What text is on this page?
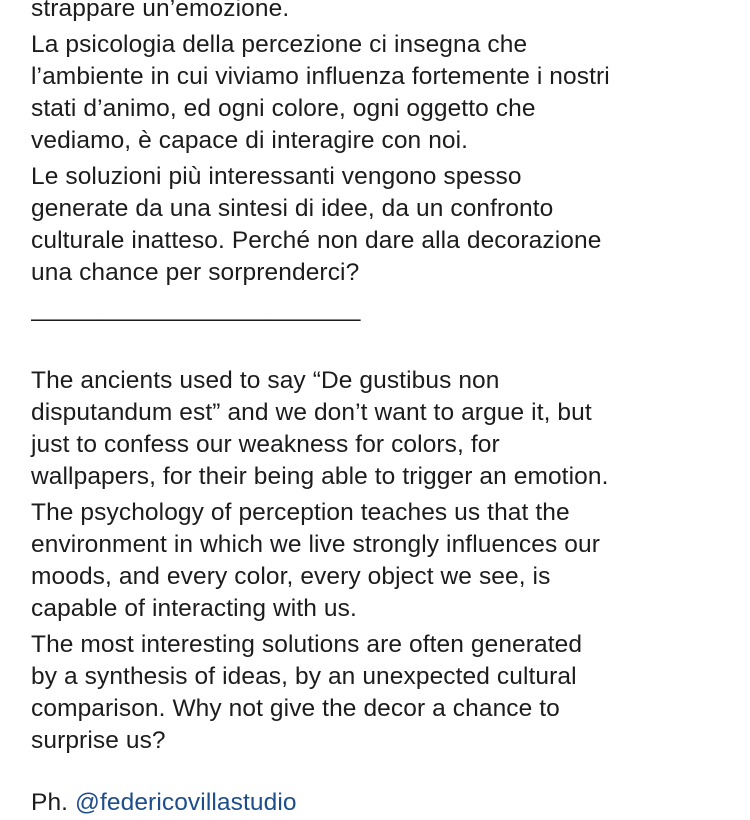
strappare un’emozione.

La psicologia della percezione ci insegna che
l’ambiente in cui viviamo influenza fortemente i nostri
stati d’animo, ed ogni colore, ogni oggetto che
vediamo, è capace di interagire con noi.

Le soluzioni più interessanti vengono spesso
generate da una sintesi di idee, da un confronto
culturale inatteso. Perché non dare alla decorazione
una chance per sorprenderci?

________________________

The ancients used to say “De gustibus non
disputandum est” and we don’t want to argue it, but
just to confess our weakness for colors, for
wallpapers, for their being able to trigger an emotion.

The psychology of perception teaches us that the
environment in which we live strongly influences our
moods, and every color, every object we see, is
capable of interacting with us.

The most interesting solutions are often generated
by a synthesis of ideas, by an unexpected cultural
comparison. Why not give the decor a chance to
surprise us?

Ph. @federicovillastudio
